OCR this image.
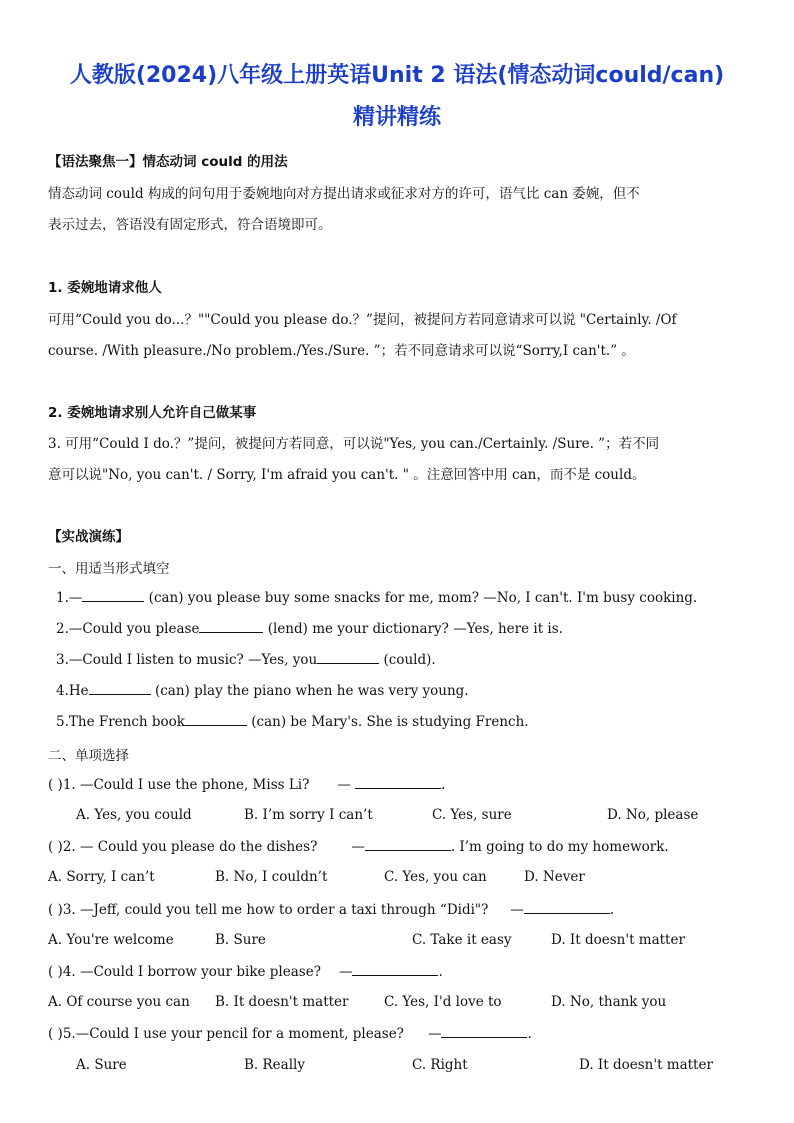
人教版(2024)八年级上册英语Unit 2 语法(情态动词could/can)
精讲精练
【语法聚焦一】情态动词 could 的用法
情态动词 could 构成的问句用于委婉地向对方提出请求或征求对方的许可，语气比 can 委婉，但不
表示过去，答语没有固定形式，符合语境即可。
1. 委婉地请求他人
可用“Could you do...？""Could you please do.？”提问，被提问方若同意请求可以说 "Certainly. /Of
course. /With pleasure./No problem./Yes./Sure. ”；若不同意请求可以说“Sorry,I can't.” 。
2. 委婉地请求别人允许自己做某事
3. 可用“Could I do.？”提问，被提问方若同意，可以说"Yes, you can./Certainly. /Sure. ”；若不同
意可以说"No, you can't. / Sorry, I'm afraid you can't. " 。注意回答中用 can，而不是 could。
【实战演练】
一、用适当形式填空
1.—	(can) you please buy some snacks for me, mom? —No, I can't. I'm busy cooking.
2.—Could you please	(lend) me your dictionary? —Yes, here it is.
3.—Could I listen to music? —Yes, you	(could).
4.He	(can) play the piano when he was very young.
5.The French book	(can) be Mary's. She is studying French.
二、单项选择
( )1. —Could I use the phone, Miss Li? —	.
A. Yes, you could	B. I’m sorry I can’t	C. Yes, sure	D. No, please
( )2. — Could you please do the dishes?	—	. I’m going to do my homework.
A. Sorry, I can’t	B. No, I couldn’t	C. Yes, you can	D. Never
( )3. —Jeff, could you tell me how to order a taxi through “Didi"? —	.
A. You're welcome	B. Sure	C. Take it easy	D. It doesn't matter
( )4. —Could I borrow your bike please? —	.
A. Of course you can B. It doesn't matter	C. Yes, I'd love to	D. No, thank you
( )5.—Could I use your pencil for a moment, please? —	.
A. Sure	B. Really	C. Right	D. It doesn't matter
